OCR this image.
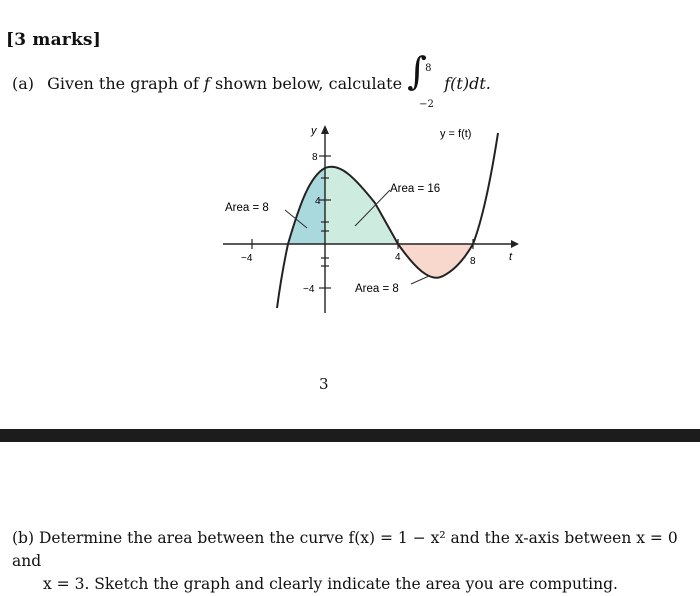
[3 marks]
(a) Given the graph of f shown below, calculate ∫
8
−2
f(t)dt.
y
t
y = f(t)
−4	4	8
8
4
−4
Area = 8
Area = 16
Area = 8
3
(b) Determine the area between the curve f(x) = 1 − x² and the x-axis between x = 0 and
x = 3. Sketch the graph and clearly indicate the area you are computing.
